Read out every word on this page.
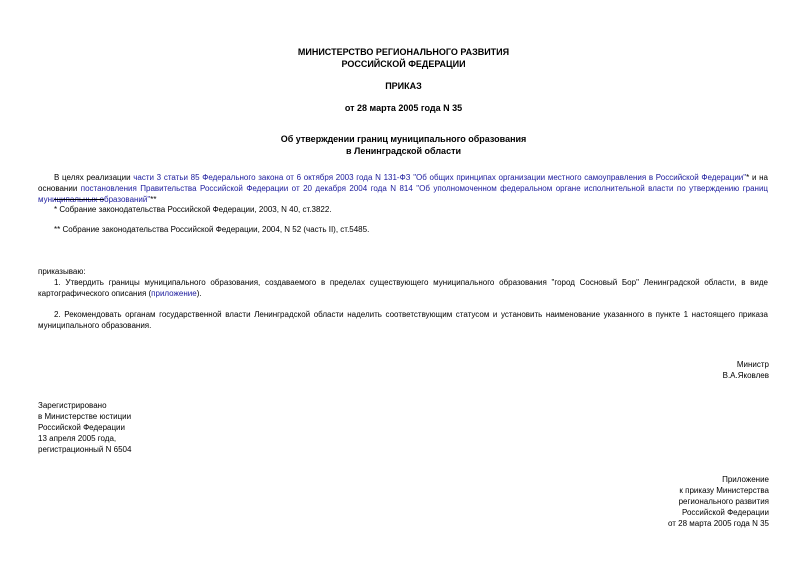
МИНИСТЕРСТВО РЕГИОНАЛЬНОГО РАЗВИТИЯ
РОССИЙСКОЙ ФЕДЕРАЦИИ
ПРИКАЗ
от 28 марта 2005 года N 35
Об утверждении границ муниципального образования
в Ленинградской области
В целях реализации части 3 статьи 85 Федерального закона от 6 октября 2003 года N 131-ФЗ "Об общих принципах организации местного самоуправления в Российской Федерации"* и на основании постановления Правительства Российской Федерации от 20 декабря 2004 года N 814 "Об уполномоченном федеральном органе исполнительной власти по утверждению границ муниципальных образований"**
* Собрание законодательства Российской Федерации, 2003, N 40, ст.3822.
** Собрание законодательства Российской Федерации, 2004, N 52 (часть II), ст.5485.
приказываю:
1. Утвердить границы муниципального образования, создаваемого в пределах существующего муниципального образования "город Сосновый Бор" Ленинградской области, в виде картографического описания (приложение).
2. Рекомендовать органам государственной власти Ленинградской области наделить соответствующим статусом и установить наименование указанного в пункте 1 настоящего приказа муниципального образования.
Министр
В.А.Яковлев
Зарегистрировано
в Министерстве юстиции
Российской Федерации
13 апреля 2005 года,
регистрационный N 6504
Приложение
к приказу Министерства
регионального развития
Российской Федерации
от 28 марта 2005 года N 35
